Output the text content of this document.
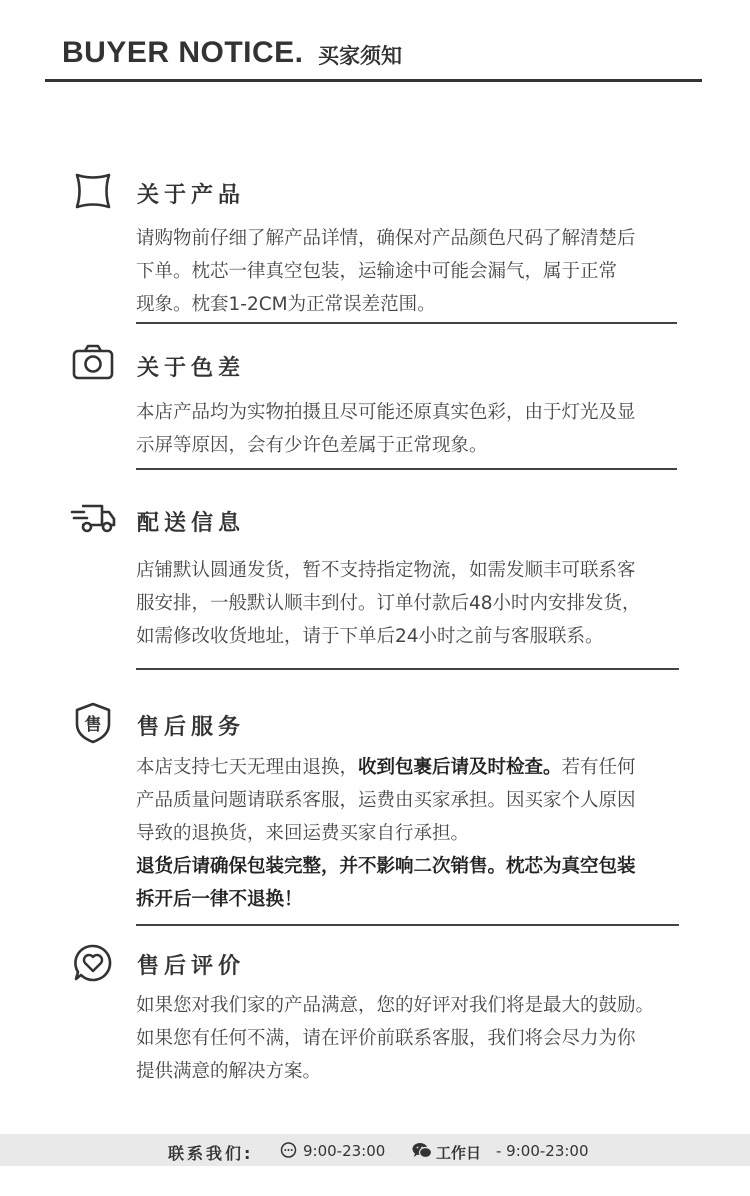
BUYER NOTICE. 买家须知
关于产品
请购物前仔细了解产品详情，确保对产品颜色尺码了解清楚后
下单。枕芯一律真空包装，运输途中可能会漏气，属于正常
现象。枕套1-2CM为正常误差范围。
关于色差
本店产品均为实物拍摄且尽可能还原真实色彩，由于灯光及显
示屏等原因，会有少许色差属于正常现象。
配送信息
店铺默认圆通发货，暂不支持指定物流，如需发顺丰可联系客
服安排，一般默认顺丰到付。订单付款后48小时内安排发货，
如需修改收货地址，请于下单后24小时之前与客服联系。
售 售后服务
本店支持七天无理由退换，收到包裹后请及时检查。若有任何
产品质量问题请联系客服，运费由买家承担。因买家个人原因
导致的退换货，来回运费买家自行承担。
退货后请确保包装完整，并不影响二次销售。枕芯为真空包装
拆开后一律不退换！
售后评价
如果您对我们家的产品满意，您的好评对我们将是最大的鼓励。
如果您有任何不满，请在评价前联系客服，我们将会尽力为你
提供满意的解决方案。
联系我们:	9:00-23:00	工作日 - 9:00-23:00
